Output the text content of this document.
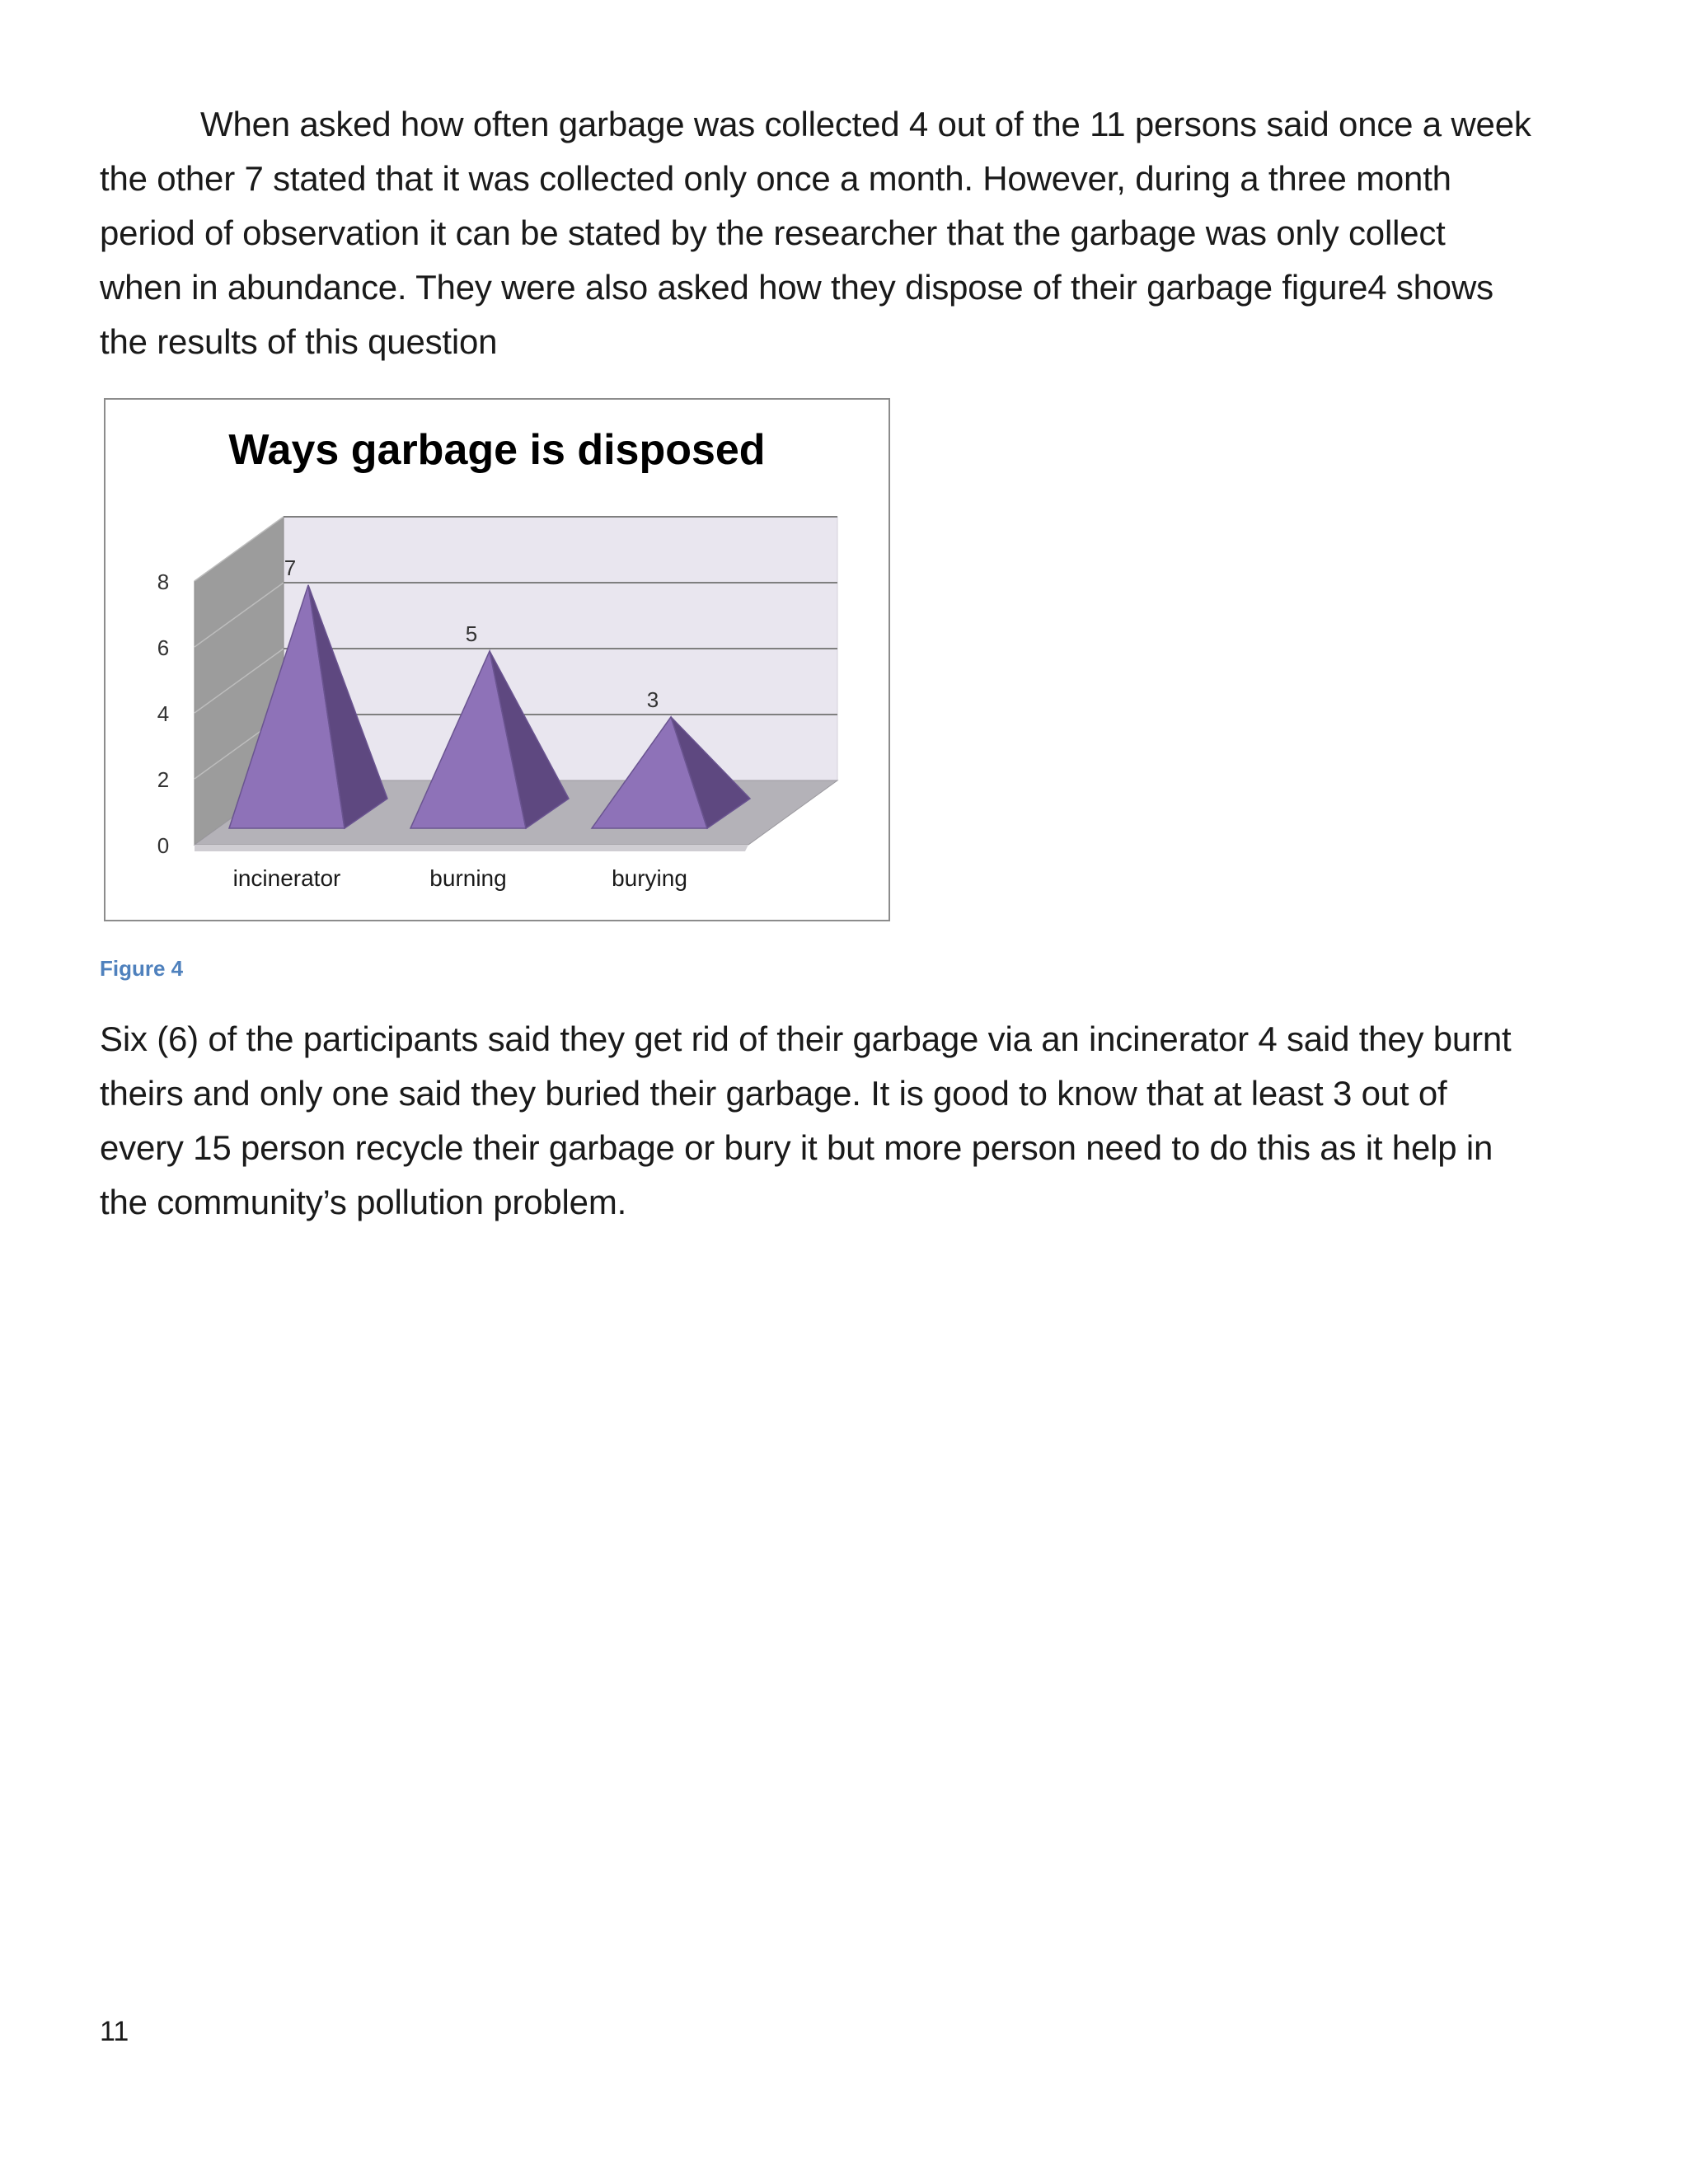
When asked how often garbage was collected 4 out of the 11 persons said once a week
the other 7 stated that it was collected only once a month. However, during a three month
period of observation it can be stated by the researcher that the garbage was only collect
when in abundance. They were also asked how they dispose of their garbage figure4 shows
the results of this question

0
2
4
6
8
Ways garbage is disposed
7
incinerator
5
burning
3
burying

Figure 4

Six (6) of the participants said they get rid of their garbage via an incinerator 4 said they burnt
theirs and only one said they buried their garbage. It is good to know that at least 3 out of
every 15 person recycle their garbage or bury it but more person need to do this as it help in
the community’s pollution problem.

11
